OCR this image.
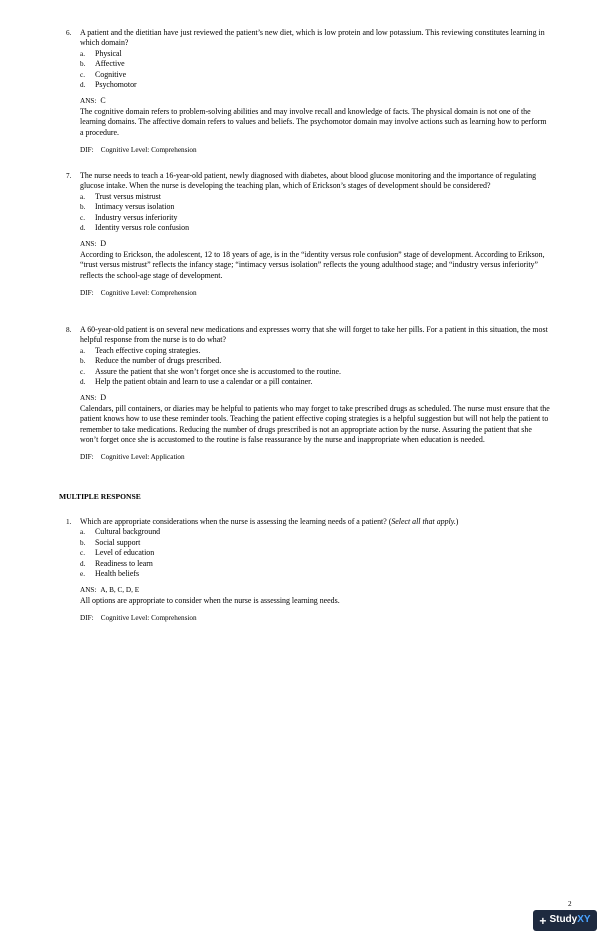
6.	A patient and the dietitian have just reviewed the patient’s new diet, which is low protein and low potassium. This reviewing constitutes learning in which domain?
a.	Physical
b.	Affective
c.	Cognitive
d.	Psychomotor
ANS: C
The cognitive domain refers to problem-solving abilities and may involve recall and knowledge of facts. The physical domain is not one of the learning domains. The affective domain refers to values and beliefs. The psychomotor domain may involve actions such as learning how to perform a procedure.
DIF: Cognitive Level: Comprehension
7.	The nurse needs to teach a 16-year-old patient, newly diagnosed with diabetes, about blood glucose monitoring and the importance of regulating glucose intake. When the nurse is developing the teaching plan, which of Erickson’s stages of development should be considered?
a.	Trust versus mistrust
b.	Intimacy versus isolation
c.	Industry versus inferiority
d.	Identity versus role confusion
ANS: D
According to Erickson, the adolescent, 12 to 18 years of age, is in the “identity versus role confusion” stage of development. According to Erikson, “trust versus mistrust” reflects the infancy stage; “intimacy versus isolation” reflects the young adulthood stage; and “industry versus inferiority” reflects the school-age stage of development.
DIF: Cognitive Level: Comprehension
8.	A 60-year-old patient is on several new medications and expresses worry that she will forget to take her pills. For a patient in this situation, the most helpful response from the nurse is to do what?
a.	Teach effective coping strategies.
b.	Reduce the number of drugs prescribed.
c.	Assure the patient that she won’t forget once she is accustomed to the routine.
d.	Help the patient obtain and learn to use a calendar or a pill container.
ANS: D
Calendars, pill containers, or diaries may be helpful to patients who may forget to take prescribed drugs as scheduled. The nurse must ensure that the patient knows how to use these reminder tools. Teaching the patient effective coping strategies is a helpful suggestion but will not help the patient to remember to take medications. Reducing the number of drugs prescribed is not an appropriate action by the nurse. Assuring the patient that she won’t forget once she is accustomed to the routine is false reassurance by the nurse and inappropriate when education is needed.
DIF: Cognitive Level: Application
MULTIPLE RESPONSE
1.	Which are appropriate considerations when the nurse is assessing the learning needs of a patient? (Select all that apply.)
a.	Cultural background
b.	Social support
c.	Level of education
d.	Readiness to learn
e.	Health beliefs
ANS: A, B, C, D, E
All options are appropriate to consider when the nurse is assessing learning needs.
DIF: Cognitive Level: Comprehension
2
+ Study XY
